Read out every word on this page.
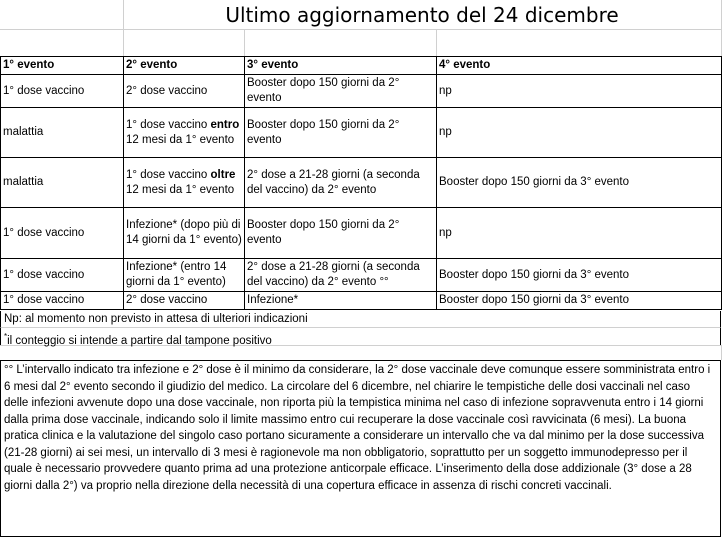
Ultimo aggiornamento del 24 dicembre
1° evento	2° evento	3° evento	4° evento
1° dose vaccino	2° dose vaccino	Booster dopo 150 giorni da 2° evento	np
malattia	1° dose vaccino entro 12 mesi da 1° evento	Booster dopo 150 giorni da 2° evento	np
malattia	1° dose vaccino oltre 12 mesi da 1° evento	2° dose a 21-28 giorni (a seconda del vaccino) da 2° evento	Booster dopo 150 giorni da 3° evento
1° dose vaccino	Infezione* (dopo più di 14 giorni da 1° evento)	Booster dopo 150 giorni da 2° evento	np
1° dose vaccino	Infezione* (entro 14 giorni da 1° evento)	2° dose a 21-28 giorni (a seconda del vaccino) da 2° evento °°	Booster dopo 150 giorni da 3° evento
1° dose vaccino	2° dose vaccino	Infezione*	Booster dopo 150 giorni da 3° evento
Np: al momento non previsto in attesa di ulteriori indicazioni
*il conteggio si intende a partire dal tampone positivo
°° L’intervallo indicato tra infezione e 2° dose è il minimo da considerare, la 2° dose vaccinale deve comunque essere somministrata entro i 6 mesi dal 2° evento secondo il giudizio del medico. La circolare del 6 dicembre, nel chiarire le tempistiche delle dosi vaccinali nel caso delle infezioni avvenute dopo una dose vaccinale, non riporta più la tempistica minima nel caso di infezione sopravvenuta entro i 14 giorni dalla prima dose vaccinale, indicando solo il limite massimo entro cui recuperare la dose vaccinale così ravvicinata (6 mesi). La buona pratica clinica e la valutazione del singolo caso portano sicuramente a considerare un intervallo che va dal minimo per la dose successiva (21-28 giorni) ai sei mesi, un intervallo di 3 mesi è ragionevole ma non obbligatorio, soprattutto per un soggetto immunodepresso per il quale è necessario provvedere quanto prima ad una protezione anticorpale efficace. L’inserimento della dose addizionale (3° dose a 28 giorni dalla 2°) va proprio nella direzione della necessità di una copertura efficace in assenza di rischi concreti vaccinali.
